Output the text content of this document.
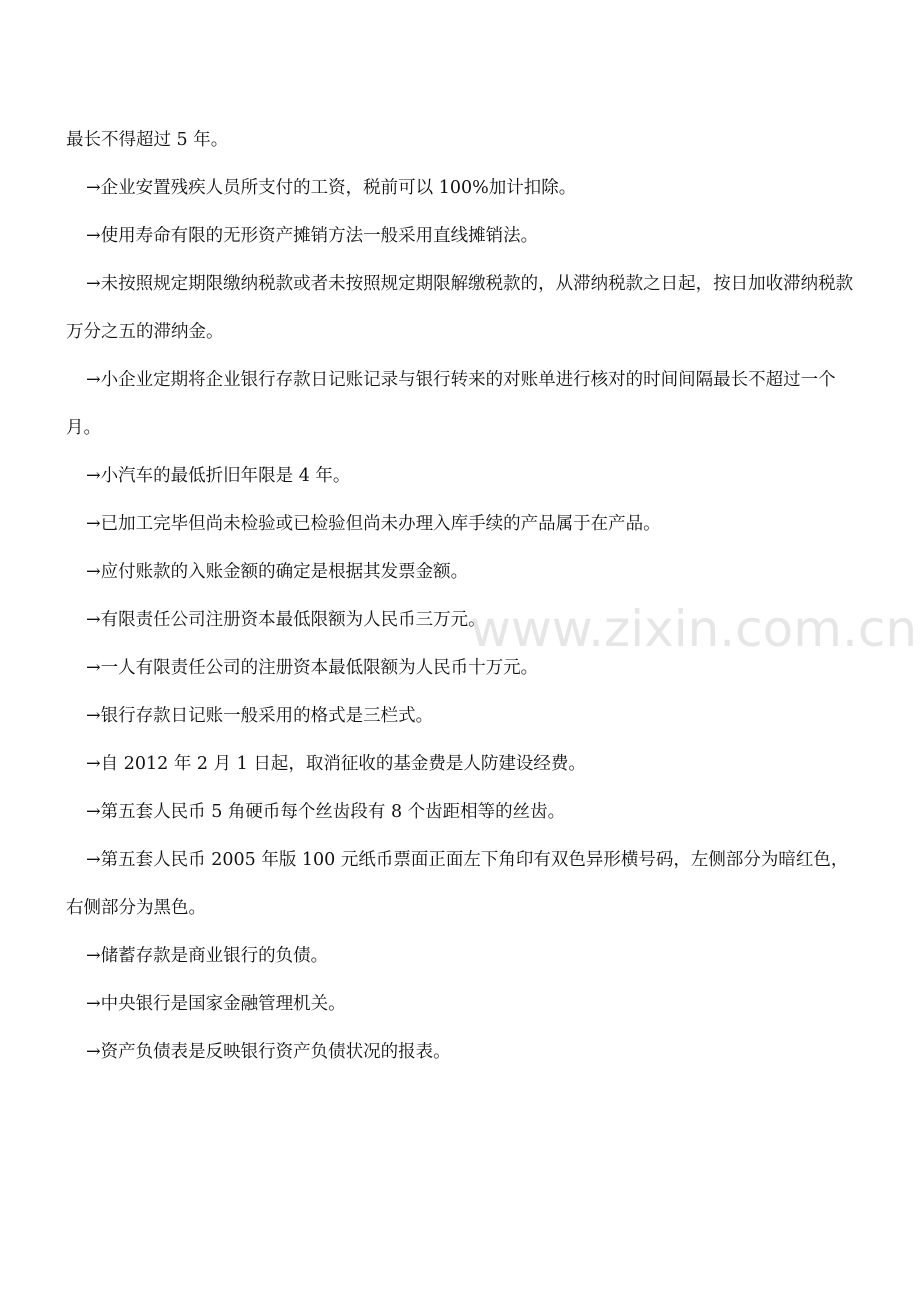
最长不得超过 5 年。

→企业安置残疾人员所支付的工资，税前可以 100%加计扣除。

→使用寿命有限的无形资产摊销方法一般采用直线摊销法。

→未按照规定期限缴纳税款或者未按照规定期限解缴税款的，从滞纳税款之日起，按日加收滞纳税款万分之五的滞纳金。

→小企业定期将企业银行存款日记账记录与银行转来的对账单进行核对的时间间隔最长不超过一个月。

→小汽车的最低折旧年限是 4 年。

→已加工完毕但尚未检验或已检验但尚未办理入库手续的产品属于在产品。

→应付账款的入账金额的确定是根据其发票金额。

→有限责任公司注册资本最低限额为人民币三万元。

→一人有限责任公司的注册资本最低限额为人民币十万元。

→银行存款日记账一般采用的格式是三栏式。

→自 2012 年 2 月 1 日起，取消征收的基金费是人防建设经费。

→第五套人民币 5 角硬币每个丝齿段有 8 个齿距相等的丝齿。

→第五套人民币 2005 年版 100 元纸币票面正面左下角印有双色异形横号码，左侧部分为暗红色，右侧部分为黑色。

→储蓄存款是商业银行的负债。

→中央银行是国家金融管理机关。

→资产负债表是反映银行资产负债状况的报表。

www.zixin.com.cn
